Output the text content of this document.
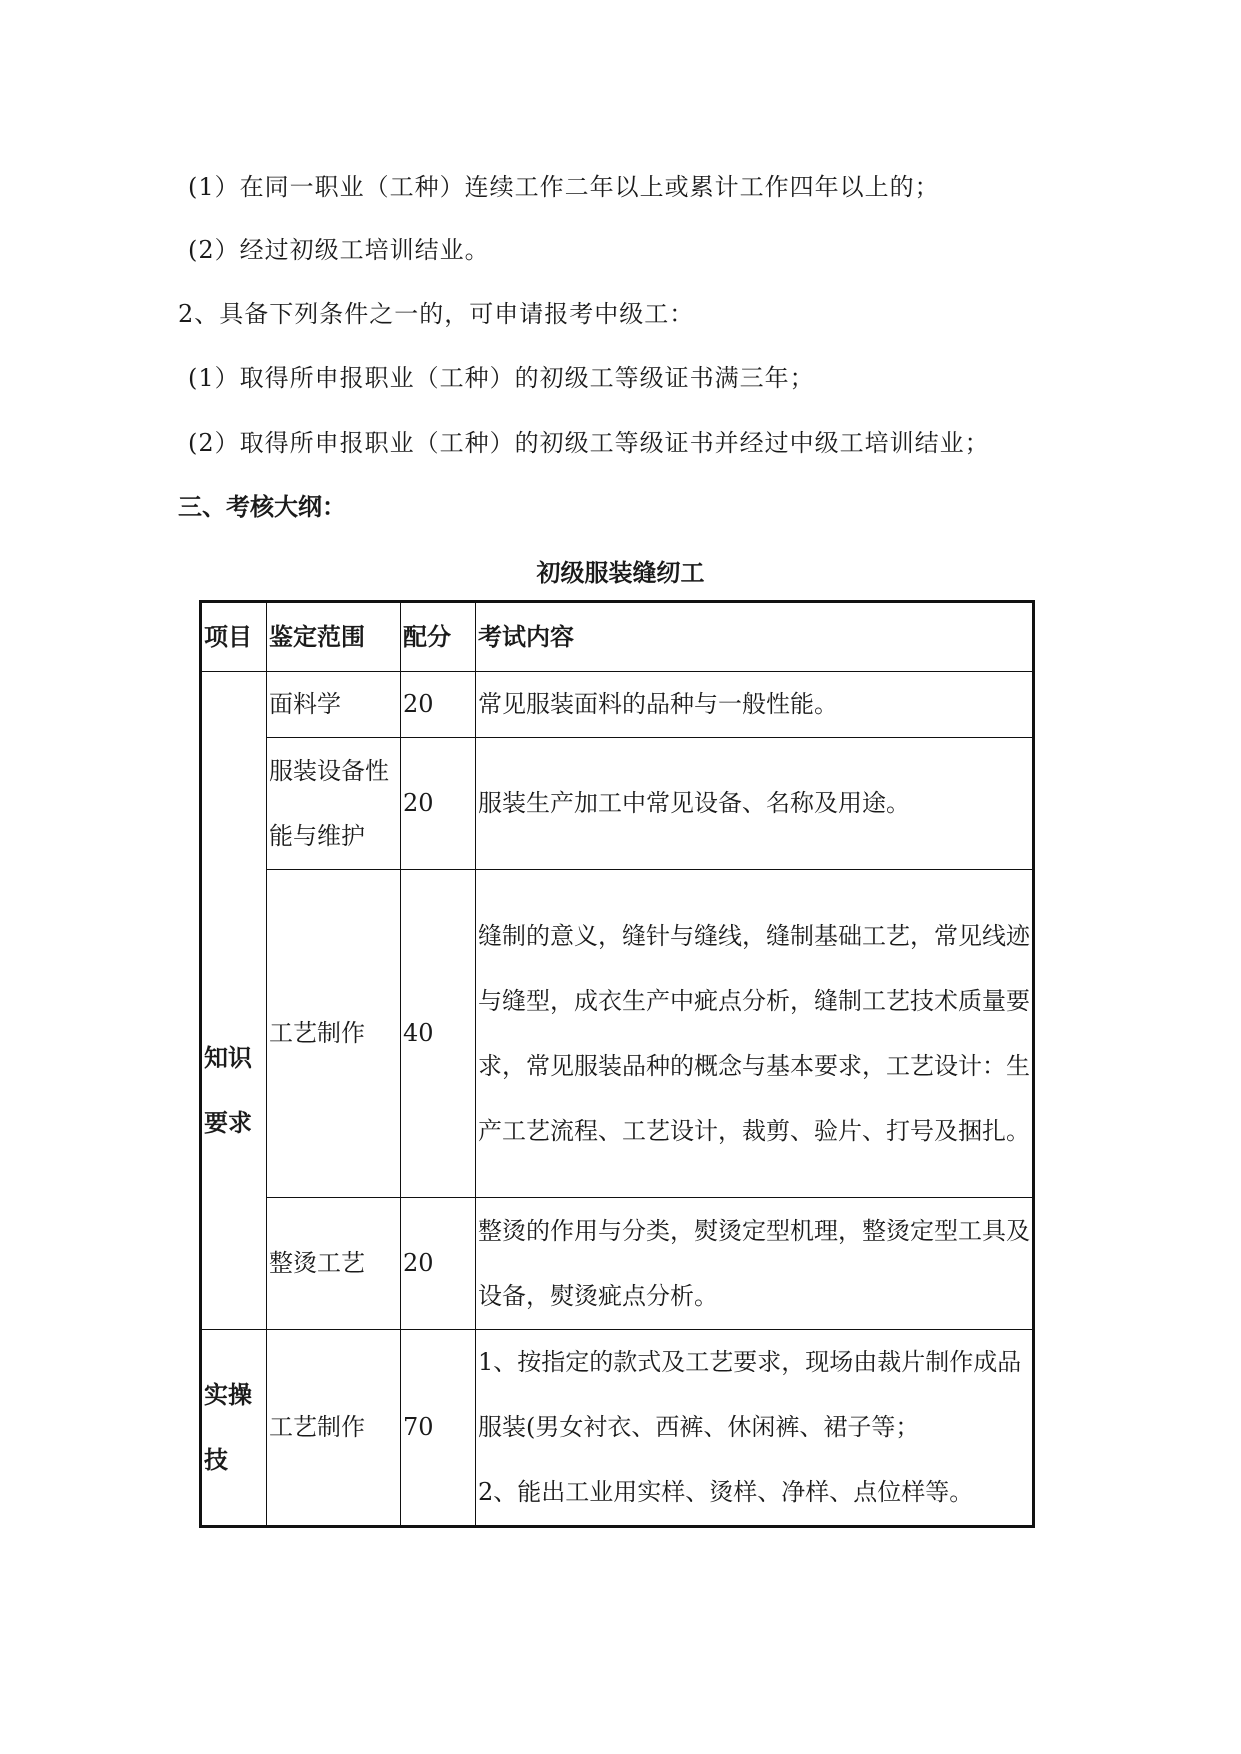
(1）在同一职业（工种）连续工作二年以上或累计工作四年以上的；
(2）经过初级工培训结业。
2、具备下列条件之一的，可申请报考中级工：
(1）取得所申报职业（工种）的初级工等级证书满三年；
(2）取得所申报职业（工种）的初级工等级证书并经过中级工培训结业；
三、考核大纲：
初级服装缝纫工
项目	鉴定范围	配分	考试内容
知识要求	面料学	20	常见服装面料的品种与一般性能。
	服装设备性能与维护	20	服装生产加工中常见设备、名称及用途。
	工艺制作	40	缝制的意义，缝针与缝线，缝制基础工艺，常见线迹与缝型，成衣生产中疵点分析，缝制工艺技术质量要求，常见服装品种的概念与基本要求，工艺设计：生产工艺流程、工艺设计，裁剪、验片、打号及捆扎。
	整烫工艺	20	整烫的作用与分类，熨烫定型机理，整烫定型工具及设备，熨烫疵点分析。
实操技	工艺制作	70	1、按指定的款式及工艺要求，现场由裁片制作成品服装(男女衬衣、西裤、休闲裤、裙子等；
2、能出工业用实样、烫样、净样、点位样等。
